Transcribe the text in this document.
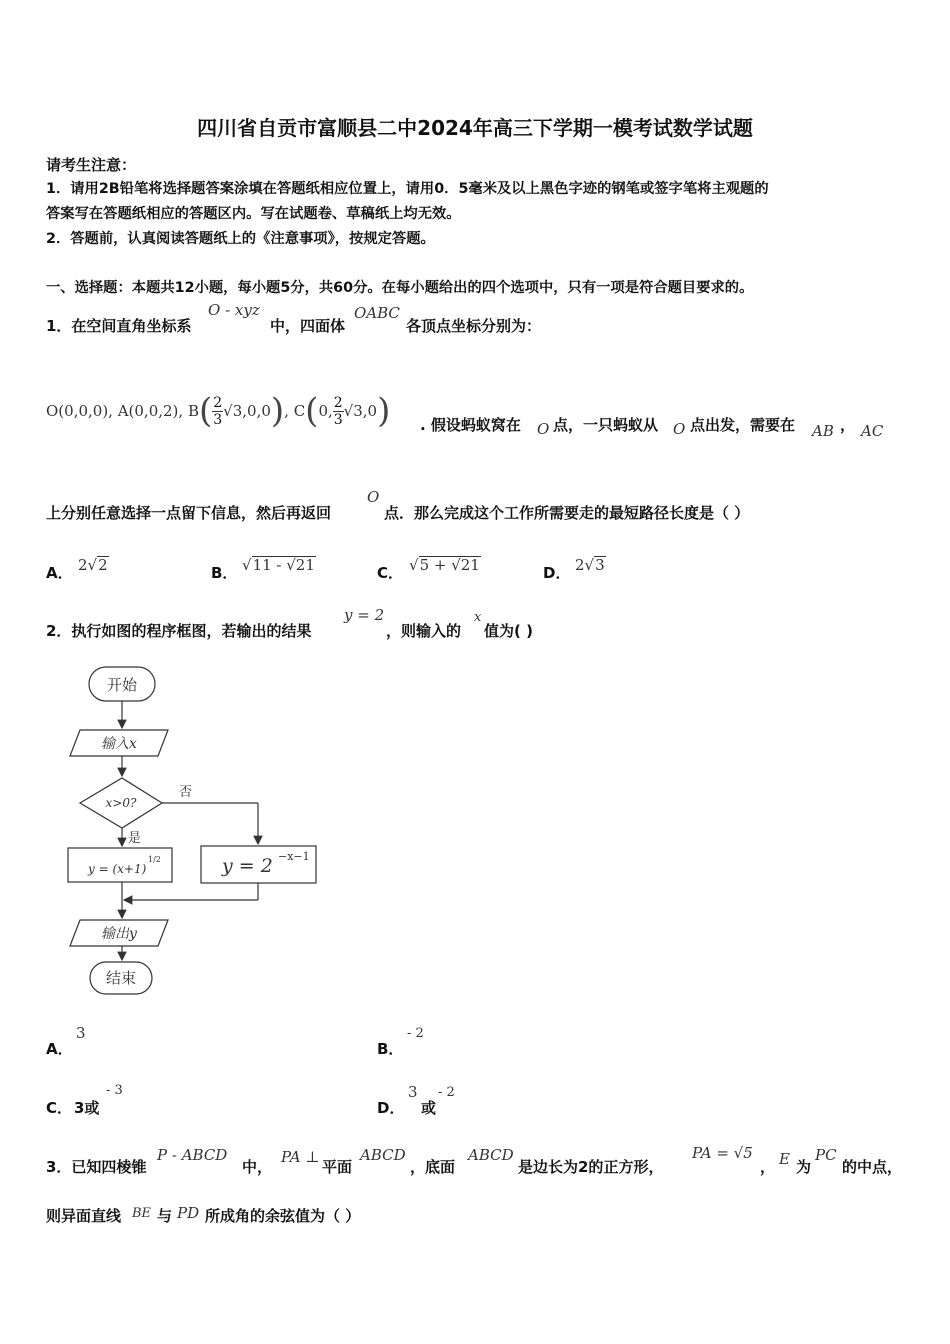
四川省自贡市富顺县二中2024年高三下学期一模考试数学试题
请考生注意：
1．请用2B铅笔将选择题答案涂填在答题纸相应位置上，请用0．5毫米及以上黑色字迹的钢笔或签字笔将主观题的
答案写在答题纸相应的答题区内。写在试题卷、草稿纸上均无效。
2．答题前，认真阅读答题纸上的《注意事项》，按规定答题。
一、选择题：本题共12小题，每小题5分，共60分。在每小题给出的四个选项中，只有一项是符合题目要求的。
1．在空间直角坐标系
O - xyz
中，四面体
OABC
各顶点坐标分别为：
O(0,0,0), A(0,0,2), B ( $\frac{2}{3} √3,0,0$ ) , C ( 0, $\frac{2}{3} √3,0$ ) . 假设蚂蚁窝在 O 点，一只蚂蚁从 O 点出发，需要在 AB ， AC
上分别任意选择一点留下信息，然后再返回
O
点．那么完成这个工作所需要走的最短路径长度是（ ）
A． 2√2	B． √11 - √21	C． √5 + √21	D． 2√3
2．执行如图的程序框图，若输出的结果
y = 2
，则输入的
x
值为( )
开始
输入x
x>0?
否
是
y = (x+1)
1/2	y = 2 −x−1
输出y
结束
A．
3
B．
- 2
C． 3或
- 3
D．
3
或
- 2
3．已知四棱锥
P - ABCD
中，
PA ⊥
平面
ABCD
，底面
ABCD
是边长为2的正方形，
PA = √5
， E 为
PC
的中点，
则异面直线 BE 与 PD 所成角的余弦值为（ ）
